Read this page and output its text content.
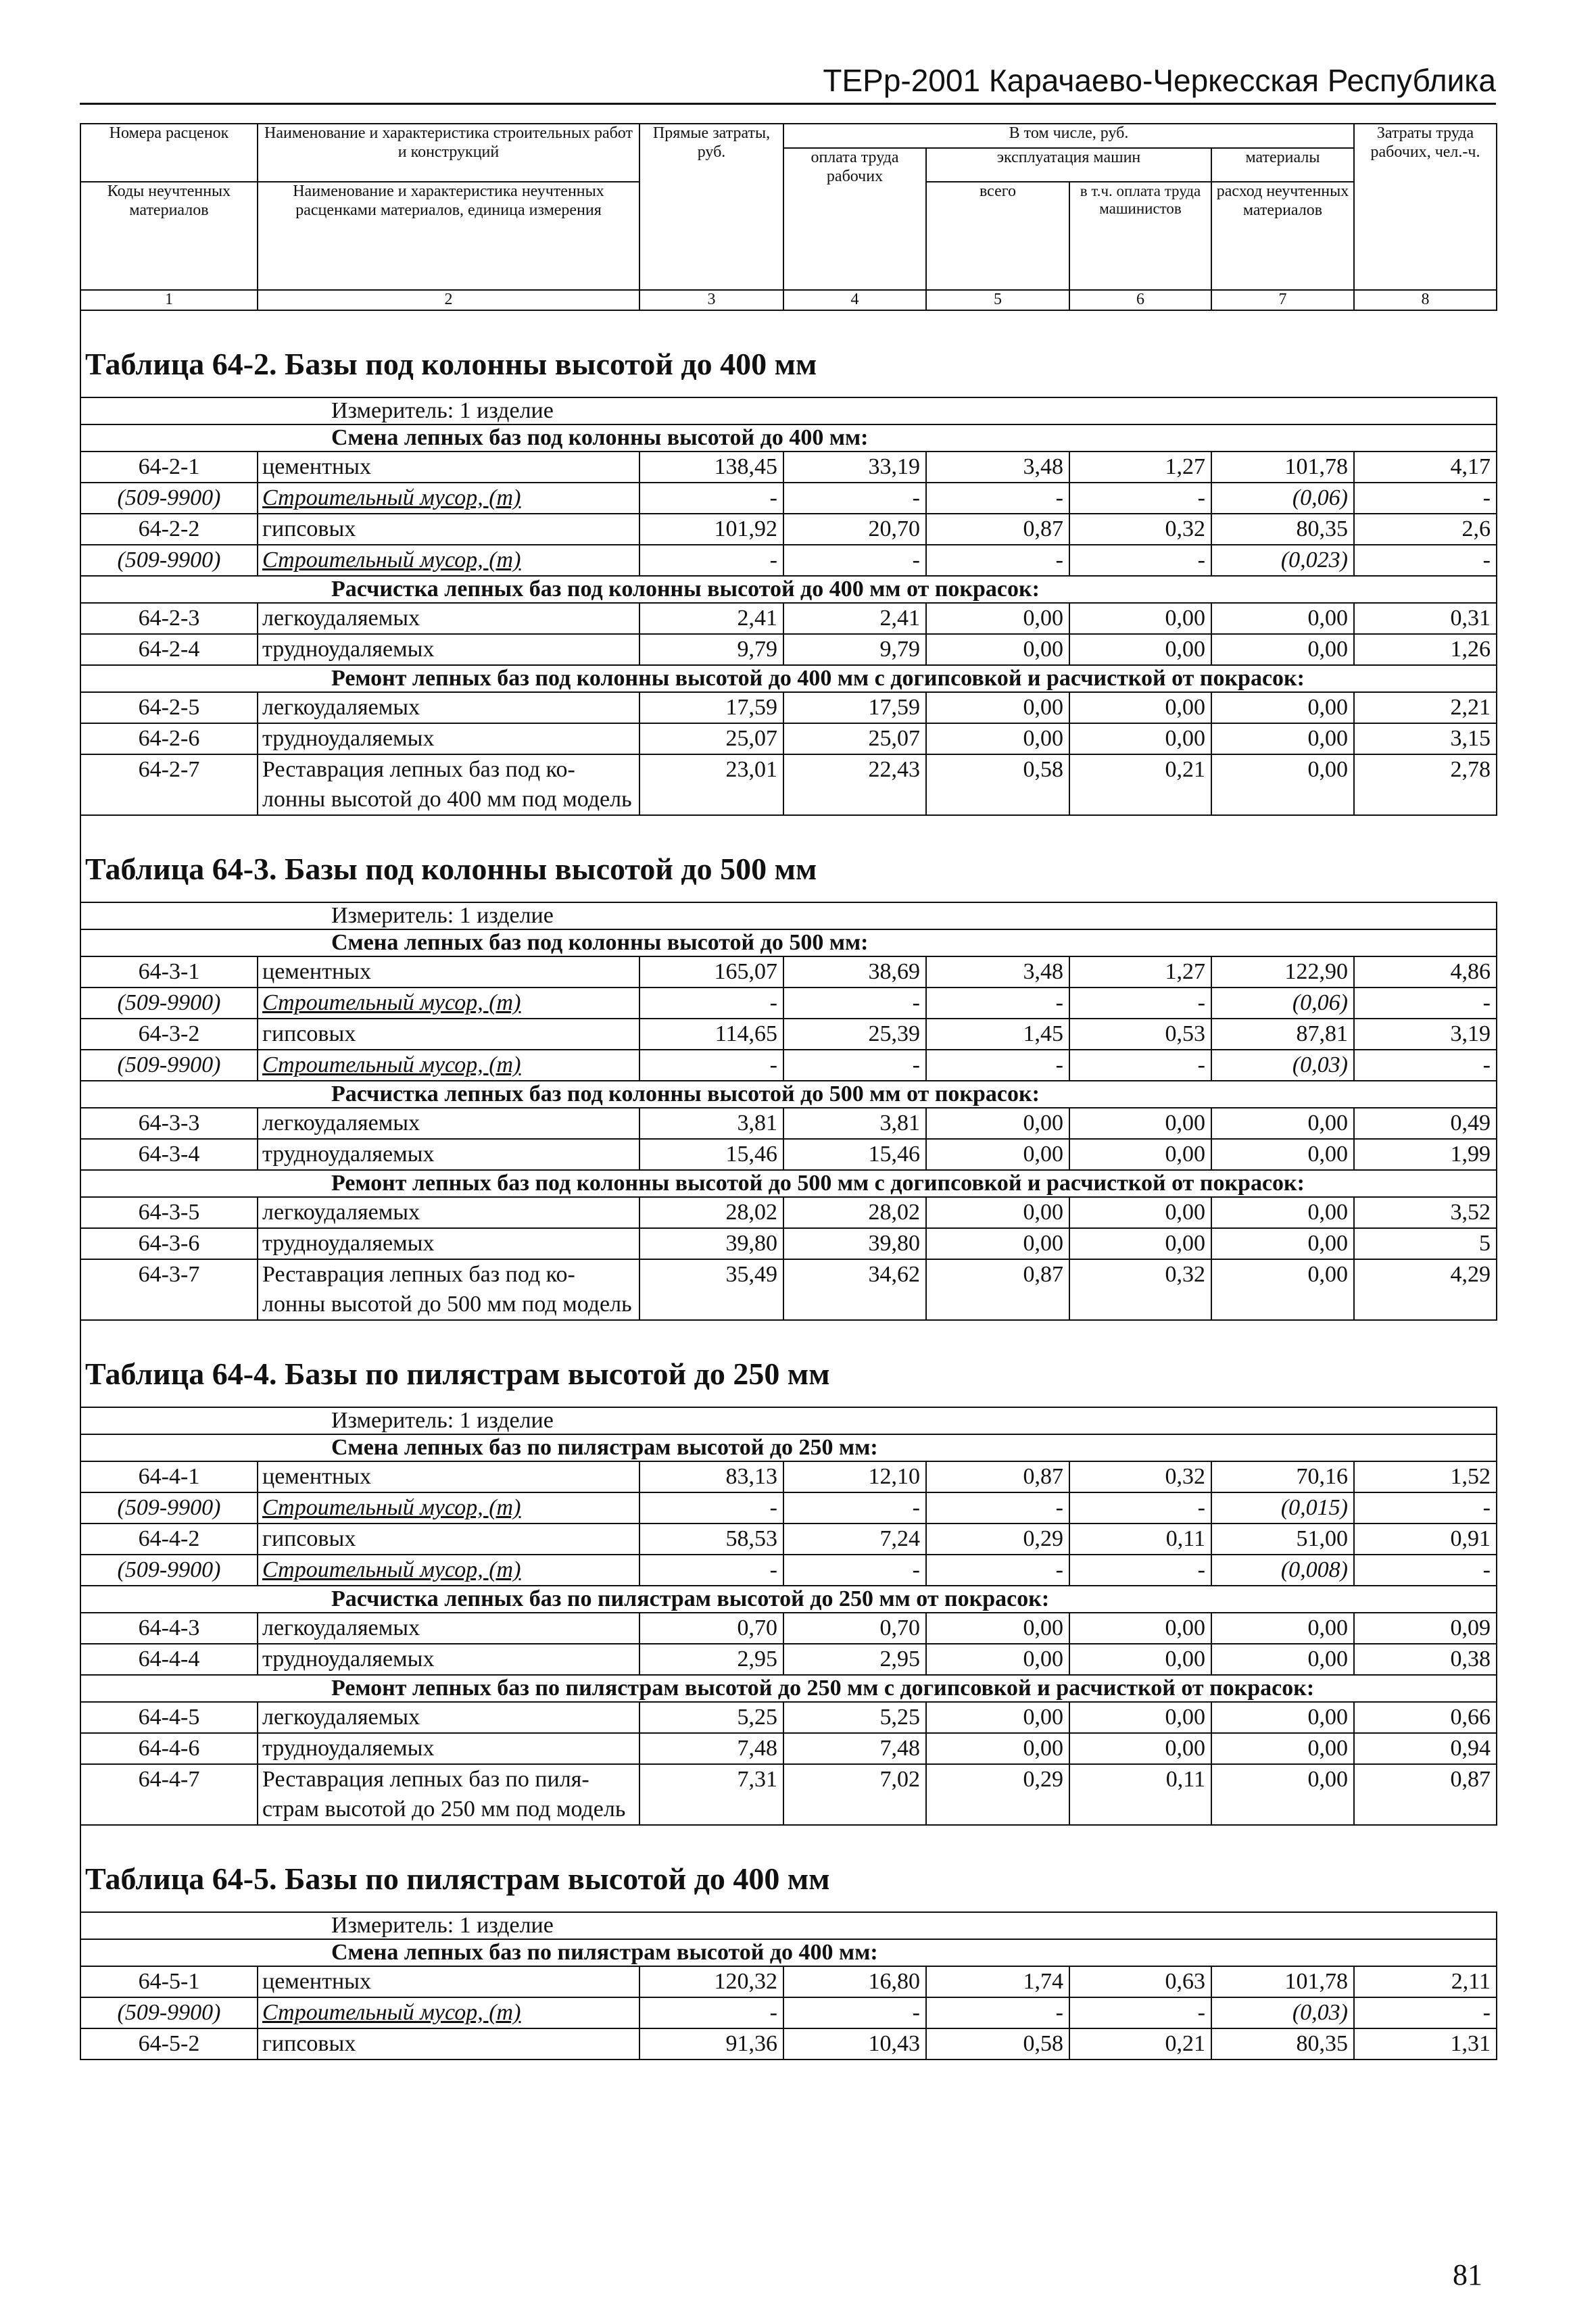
ТЕРр-2001 Карачаево-Черкесская Республика
Номера расценок	Наименование и характеристика строительных работ и конструкций	Прямые затраты, руб.	В том числе, руб.				Затраты труда рабочих, чел.-ч.
			оплата труда рабочих	эксплуатация машин		материалы	
Коды неучтенных материалов	Наименование и характеристика неучтенных расценками материалов, единица измерения			всего	в т.ч. оплата труда машинистов	расход неучтенных материалов	

1	2	3	4	5	6	7	8
Таблица 64-2. Базы под колонны высотой до 400 мм							
Измеритель: 1 изделие							
Смена лепных баз под колонны высотой до 400 мм:							
64-2-1	цементных	138,45	33,19	3,48	1,27	101,78	4,17
(509-9900)	Строительный мусор, (т)	-	-	-	-	(0,06)	-
64-2-2	гипсовых	101,92	20,70	0,87	0,32	80,35	2,6
(509-9900)	Строительный мусор, (т)	-	-	-	-	(0,023)	-
Расчистка лепных баз под колонны высотой до 400 мм от покрасок:							
64-2-3	легкоудаляемых	2,41	2,41	0,00	0,00	0,00	0,31
64-2-4	трудноудаляемых	9,79	9,79	0,00	0,00	0,00	1,26
Ремонт лепных баз под колонны высотой до 400 мм с догипсовкой и расчисткой от покрасок:							
64-2-5	легкоудаляемых	17,59	17,59	0,00	0,00	0,00	2,21
64-2-6	трудноудаляемых	25,07	25,07	0,00	0,00	0,00	3,15
64-2-7	Реставрация лепных баз под ко-лонны высотой до 400 мм под модель	23,01	22,43	0,58	0,21	0,00	2,78
Таблица 64-3. Базы под колонны высотой до 500 мм							
Измеритель: 1 изделие							
Смена лепных баз под колонны высотой до 500 мм:							
64-3-1	цементных	165,07	38,69	3,48	1,27	122,90	4,86
(509-9900)	Строительный мусор, (т)	-	-	-	-	(0,06)	-
64-3-2	гипсовых	114,65	25,39	1,45	0,53	87,81	3,19
(509-9900)	Строительный мусор, (т)	-	-	-	-	(0,03)	-
Расчистка лепных баз под колонны высотой до 500 мм от покрасок:							
64-3-3	легкоудаляемых	3,81	3,81	0,00	0,00	0,00	0,49
64-3-4	трудноудаляемых	15,46	15,46	0,00	0,00	0,00	1,99
Ремонт лепных баз под колонны высотой до 500 мм с догипсовкой и расчисткой от покрасок:							
64-3-5	легкоудаляемых	28,02	28,02	0,00	0,00	0,00	3,52
64-3-6	трудноудаляемых	39,80	39,80	0,00	0,00	0,00	5
64-3-7	Реставрация лепных баз под ко-лонны высотой до 500 мм под модель	35,49	34,62	0,87	0,32	0,00	4,29
Таблица 64-4. Базы по пилястрам высотой до 250 мм							
Измеритель: 1 изделие							
Смена лепных баз по пилястрам высотой до 250 мм:							
64-4-1	цементных	83,13	12,10	0,87	0,32	70,16	1,52
(509-9900)	Строительный мусор, (т)	-	-	-	-	(0,015)	-
64-4-2	гипсовых	58,53	7,24	0,29	0,11	51,00	0,91
(509-9900)	Строительный мусор, (т)	-	-	-	-	(0,008)	-
Расчистка лепных баз по пилястрам высотой до 250 мм от покрасок:							
64-4-3	легкоудаляемых	0,70	0,70	0,00	0,00	0,00	0,09
64-4-4	трудноудаляемых	2,95	2,95	0,00	0,00	0,00	0,38
Ремонт лепных баз по пилястрам высотой до 250 мм с догипсовкой и расчисткой от покрасок:							
64-4-5	легкоудаляемых	5,25	5,25	0,00	0,00	0,00	0,66
64-4-6	трудноудаляемых	7,48	7,48	0,00	0,00	0,00	0,94
64-4-7	Реставрация лепных баз по пиля-страм высотой до 250 мм под модель	7,31	7,02	0,29	0,11	0,00	0,87
Таблица 64-5. Базы по пилястрам высотой до 400 мм							
Измеритель: 1 изделие							
Смена лепных баз по пилястрам высотой до 400 мм:							
64-5-1	цементных	120,32	16,80	1,74	0,63	101,78	2,11
(509-9900)	Строительный мусор, (т)	-	-	-	-	(0,03)	-
64-5-2	гипсовых	91,36	10,43	0,58	0,21	80,35	1,31
81
